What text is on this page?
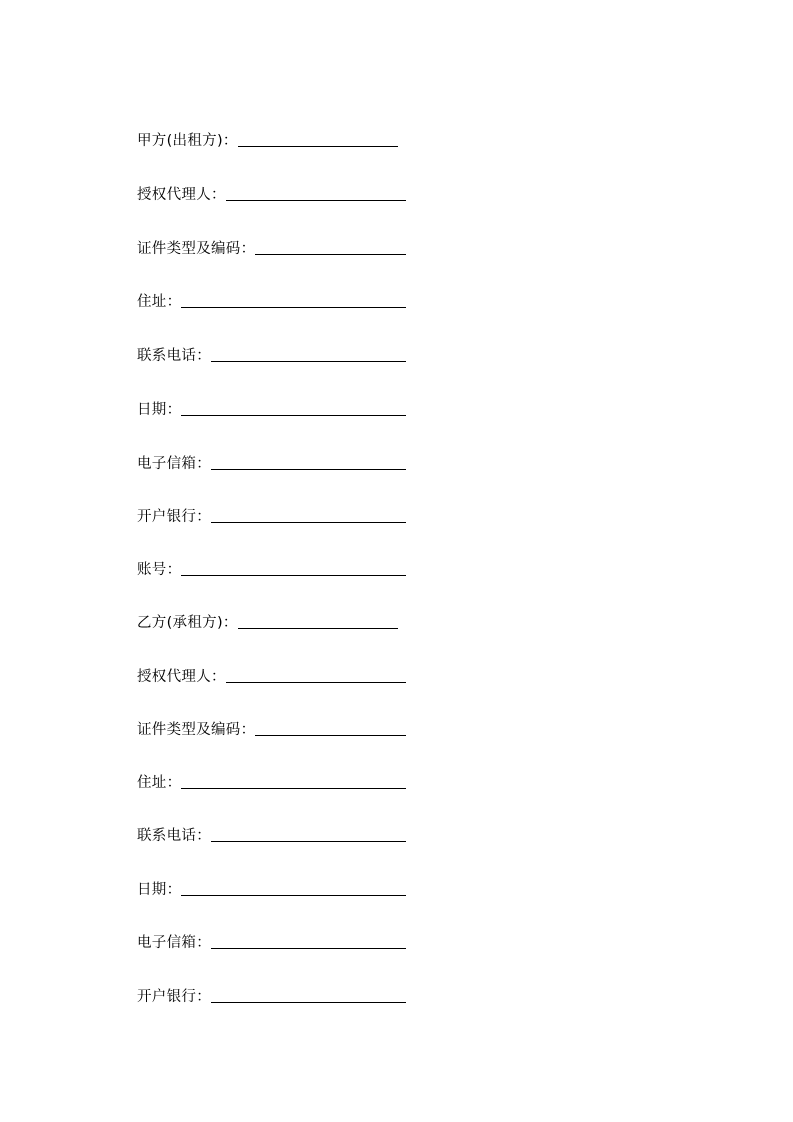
甲方(出租方)：
授权代理人：
证件类型及编码：
住址：
联系电话：
日期：
电子信箱：
开户银行：
账号：
乙方(承租方)：
授权代理人：
证件类型及编码：
住址：
联系电话：
日期：
电子信箱：
开户银行：
